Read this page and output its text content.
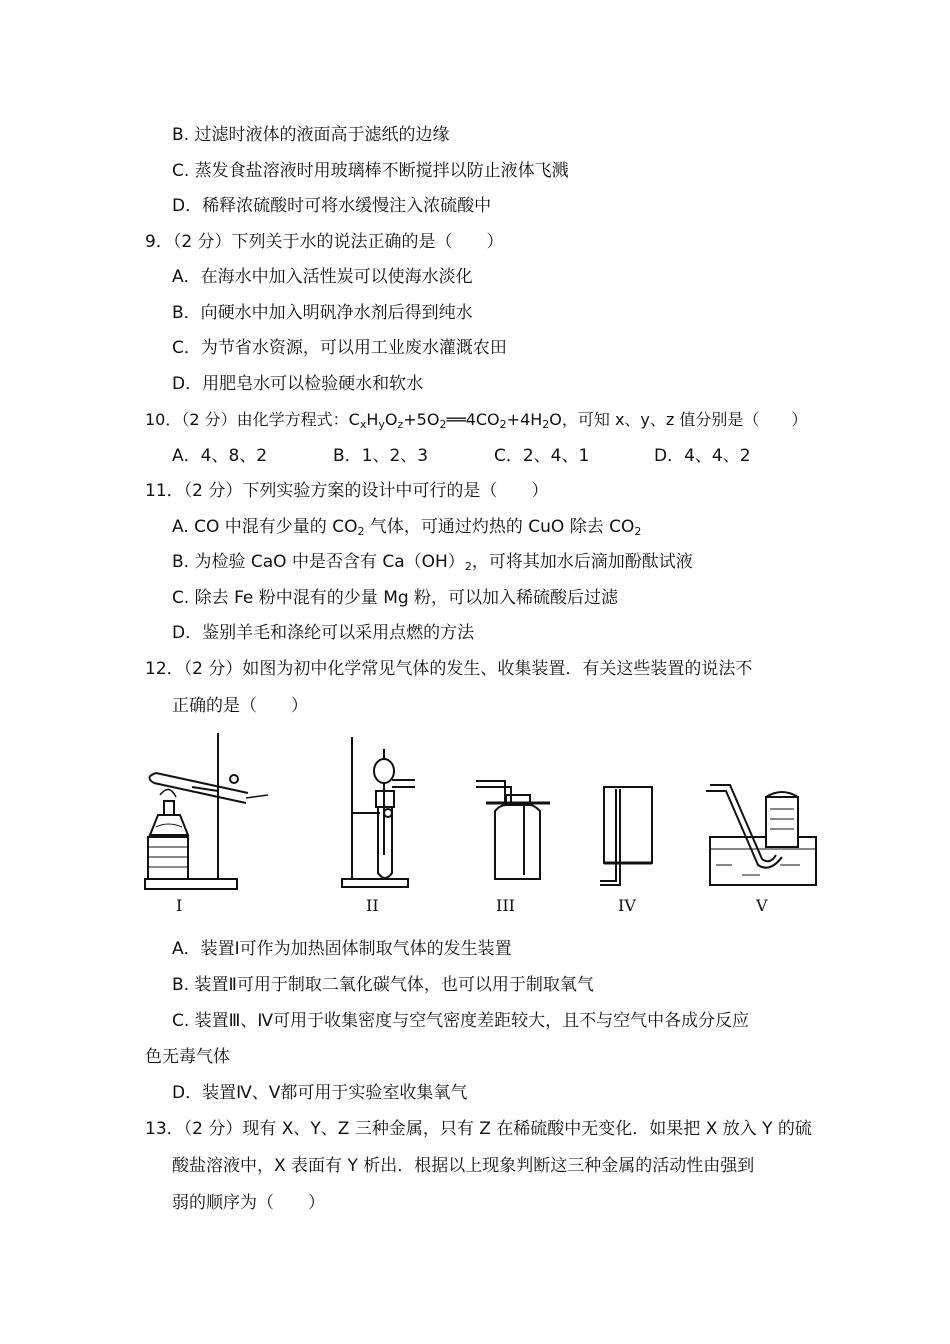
B. 过滤时液体的液面高于滤纸的边缘
C. 蒸发食盐溶液时用玻璃棒不断搅拌以防止液体飞溅
D．稀释浓硫酸时可将水缓慢注入浓硫酸中
9．（2 分）下列关于水的说法正确的是（　　）
A．在海水中加入活性炭可以使海水淡化
B．向硬水中加入明矾净水剂后得到纯水
C．为节省水资源，可以用工业废水灌溉农田
D．用肥皂水可以检验硬水和软水
10．（2 分）由化学方程式：$C_xH_yO_z+5O_2══4CO_2+4H_2O$，可知 x、y、z 值分别是（　　）
A．4、8、2	B．1、2、3	C．2、4、1	D．4、4、2
11．（2 分）下列实验方案的设计中可行的是（　　）
A. CO 中混有少量的 $CO_2$ 气体，可通过灼热的 CuO 除去 $CO_2$
B. 为检验 CaO 中是否含有 $Ca(OH)_2$，可将其加水后滴加酚酞试液
C. 除去 Fe 粉中混有的少量 Mg 粉，可以加入稀硫酸后过滤
D．鉴别羊毛和涤纶可以采用点燃的方法
12．（2 分）如图为初中化学常见气体的发生、收集装置．有关这些装置的说法不
正确的是（　　）
I	II	III	IV	V
A．装置Ⅰ可作为加热固体制取气体的发生装置
B. 装置Ⅱ可用于制取二氧化碳气体，也可以用于制取氧气
C. 装置Ⅲ、Ⅳ可用于收集密度与空气密度差距较大，且不与空气中各成分反应
色无毒气体
D．装置Ⅳ、Ⅴ都可用于实验室收集氧气
13．（2 分）现有 X、Y、Z 三种金属，只有 Z 在稀硫酸中无变化．如果把 X 放入 Y 的硫
酸盐溶液中，X 表面有 Y 析出．根据以上现象判断这三种金属的活动性由强到
弱的顺序为（　　）
